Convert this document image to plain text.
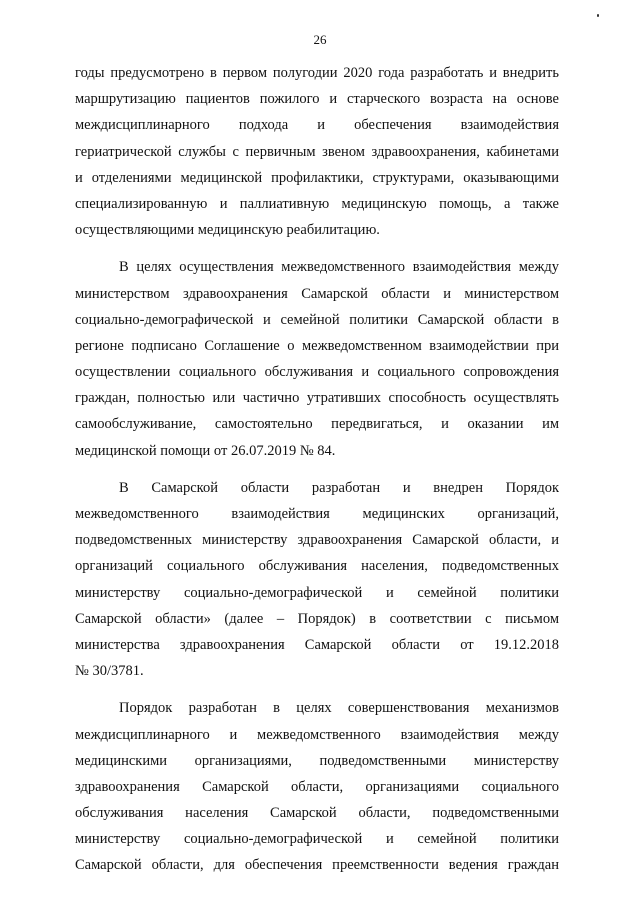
26
годы предусмотрено в первом полугодии 2020 года разработать и внедрить
маршрутизацию пациентов пожилого и старческого возраста на основе
междисциплинарного подхода и обеспечения взаимодействия
гериатрической службы с первичным звеном здравоохранения, кабинетами
и отделениями медицинской профилактики, структурами, оказывающими
специализированную и паллиативную медицинскую помощь, а также
осуществляющими медицинскую реабилитацию.
В целях осуществления межведомственного взаимодействия между
министерством здравоохранения Самарской области и министерством
социально-демографической и семейной политики Самарской области в
регионе подписано Соглашение о межведомственном взаимодействии при
осуществлении социального обслуживания и социального сопровождения
граждан, полностью или частично утративших способность осуществлять
самообслуживание, самостоятельно передвигаться, и оказании им
медицинской помощи от 26.07.2019 № 84.
В Самарской области разработан и внедрен Порядок
межведомственного взаимодействия медицинских организаций,
подведомственных министерству здравоохранения Самарской области, и
организаций социального обслуживания населения, подведомственных
министерству социально-демографической и семейной политики
Самарской области» (далее – Порядок) в соответствии с письмом
министерства здравоохранения Самарской области от 19.12.2018
№ 30/3781.
Порядок разработан в целях совершенствования механизмов
междисциплинарного и межведомственного взаимодействия между
медицинскими организациями, подведомственными министерству
здравоохранения Самарской области, организациями социального
обслуживания населения Самарской области, подведомственными
министерству социально-демографической и семейной политики
Самарской области, для обеспечения преемственности ведения граждан
